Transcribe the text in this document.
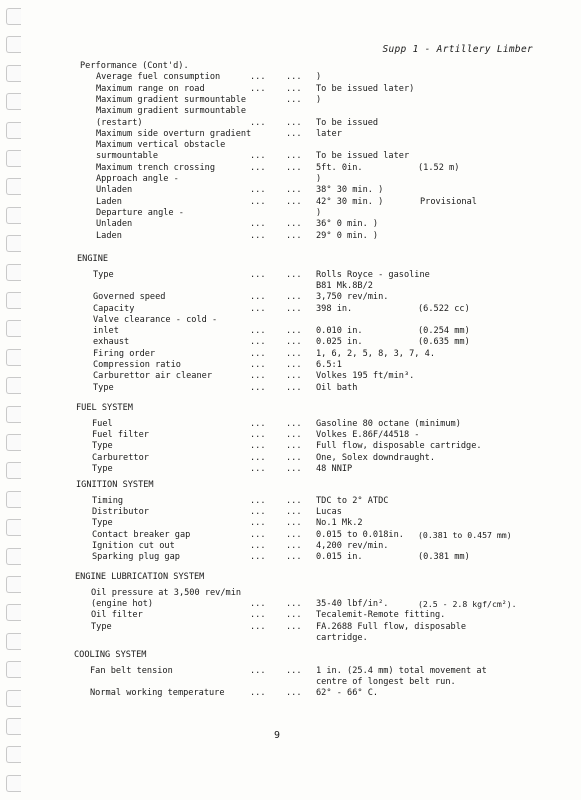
Supp 1 - Artillery Limber
Performance (Cont'd).
Average fuel consumption	... ... )
Maximum range on road	... ... To be issued later)
Maximum gradient surmountable	... )
Maximum gradient surmountable
(restart)	... ... To be issued
Maximum side overturn gradient	... later
Maximum vertical obstacle
surmountable	... ... To be issued later
Maximum trench crossing	... ... 5ft. 0in.	(1.52 m)
Approach angle -	)
Unladen	... ... 38° 30 min. )
Laden	... ... 42° 30 min. )	Provisional
Departure angle -	)
Unladen	... ... 36° 0 min. )
Laden	... ... 29° 0 min. )
ENGINE
Type	... ... Rolls Royce - gasoline
B81 Mk.8B/2
Governed speed	... ... 3,750 rev/min.
Capacity	... ... 398 in.	(6.522 cc)
Valve clearance - cold -
inlet	... ... 0.010 in.	(0.254 mm)
exhaust	... ... 0.025 in.	(0.635 mm)
Firing order	... ... 1, 6, 2, 5, 8, 3, 7, 4.
Compression ratio	... ... 6.5:1
Carburettor air cleaner	... ... Volkes 195 ft/min³.
Type	... ... Oil bath
FUEL SYSTEM
Fuel	... ... Gasoline 80 octane (minimum)
Fuel filter	... ... Volkes E.86F/44518 -
Type	... ... Full flow, disposable cartridge.
Carburettor	... ... One, Solex downdraught.
Type	... ... 48 NNIP
IGNITION SYSTEM
Timing	... ... TDC to 2° ATDC
Distributor	... ... Lucas
Type	... ... No.1 Mk.2
Contact breaker gap	... ... 0.015 to 0.018in. (0.381 to 0.457 mm)
Ignition cut out	... ... 4,200 rev/min.
Sparking plug gap	... ... 0.015 in.	(0.381 mm)
ENGINE LUBRICATION SYSTEM
Oil pressure at 3,500 rev/min
(engine hot)	... ... 35-40 lbf/in².	(2.5 - 2.8 kgf/cm²).
Oil filter	... ... Tecalemit-Remote fitting.
Type	... ... FA.2688 Full flow, disposable
cartridge.
COOLING SYSTEM
Fan belt tension	... ... 1 in. (25.4 mm) total movement at
centre of longest belt run.
Normal working temperature	... ... 62° - 66° C.
9
